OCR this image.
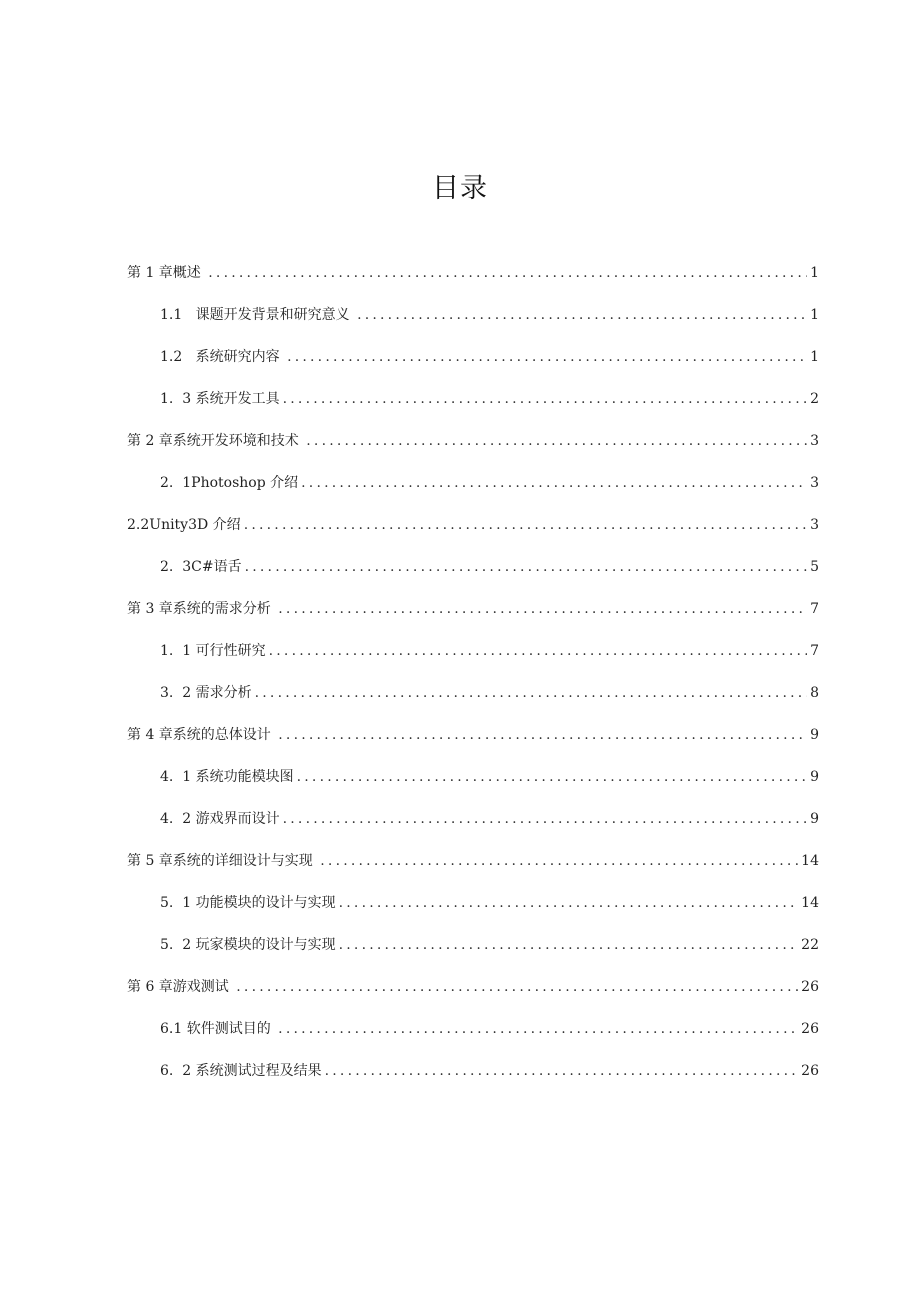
目录
第 1 章概述 .....	1
1.1   课题开发背景和研究意义 .....	1
1.2   系统研究内容 .....	1
1.  3 系统开发工具 .....	2
第 2 章系统开发环境和技术 .....	3
2.  1Photoshop 介绍 .....	3
2.2Unity3D 介绍 .....	3
2.  3C#语舌 .....	5
第 3 章系统的需求分析 .....	7
1.  1 可行性研究 .....	7
3.  2 需求分析 .....	8
第 4 章系统的总体设计 .....	9
4.  1 系统功能模块图 .....	9
4.  2 游戏界而设计 .....	9
第 5 章系统的详细设计与实现 .....	14
5.  1 功能模块的设计与实现 .....	14
5.  2 玩家模块的设计与实现 .....	22
第 6 章游戏测试 .....	26
6.1 软件测试目的 .....	26
6.  2 系统测试过程及结果 .....	26
